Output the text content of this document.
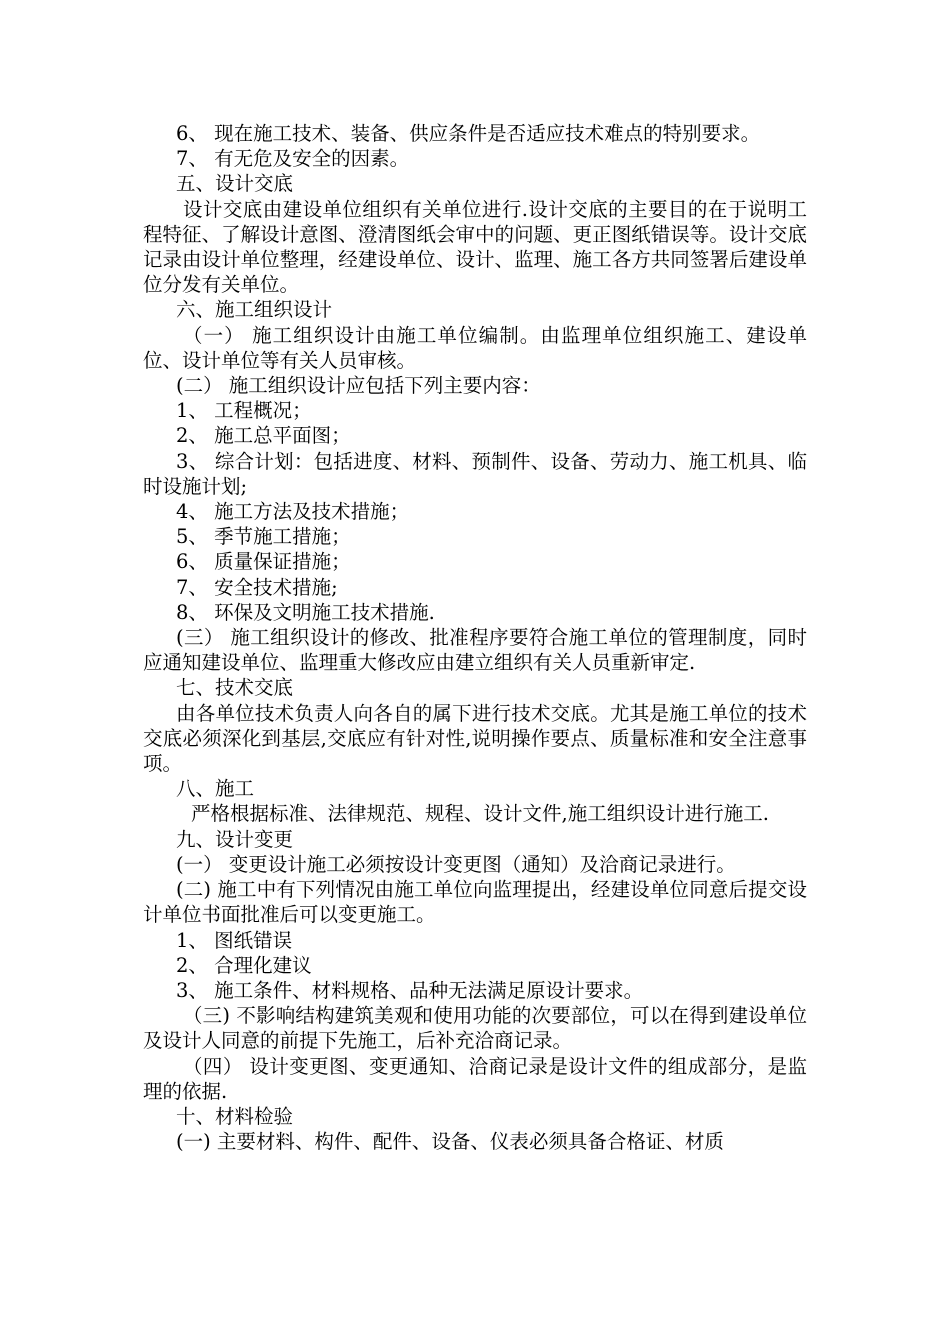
6、 现在施工技术、装备、供应条件是否适应技术难点的特别要求。

7、 有无危及安全的因素。

五、设计交底

设计交底由建设单位组织有关单位进行.设计交底的主要目的在于说明工程特征、了解设计意图、澄清图纸会审中的问题、更正图纸错误等。设计交底记录由设计单位整理，经建设单位、设计、监理、施工各方共同签署后建设单位分发有关单位。

六、施工组织设计

（一） 施工组织设计由施工单位编制。由监理单位组织施工、建设单位、设计单位等有关人员审核。

(二） 施工组织设计应包括下列主要内容：

1、 工程概况；

2、 施工总平面图；

3、 综合计划：包括进度、材料、预制件、设备、劳动力、施工机具、临时设施计划;

4、 施工方法及技术措施；

5、 季节施工措施；

6、 质量保证措施；

7、 安全技术措施;

8、 环保及文明施工技术措施.

(三） 施工组织设计的修改、批准程序要符合施工单位的管理制度，同时应通知建设单位、监理重大修改应由建立组织有关人员重新审定.

七、技术交底

由各单位技术负责人向各自的属下进行技术交底。尤其是施工单位的技术交底必须深化到基层,交底应有针对性,说明操作要点、质量标准和安全注意事项。

八、施工

严格根据标准、法律规范、规程、设计文件,施工组织设计进行施工.

九、设计变更

(一） 变更设计施工必须按设计变更图（通知）及洽商记录进行。

(二) 施工中有下列情况由施工单位向监理提出，经建设单位同意后提交设计单位书面批准后可以变更施工。

1、 图纸错误

2、 合理化建议

3、 施工条件、材料规格、品种无法满足原设计要求。

（三) 不影响结构建筑美观和使用功能的次要部位，可以在得到建设单位及设计人同意的前提下先施工，后补充洽商记录。

（四） 设计变更图、变更通知、洽商记录是设计文件的组成部分，是监理的依据.

十、材料检验

(一) 主要材料、构件、配件、设备、仪表必须具备合格证、材质
